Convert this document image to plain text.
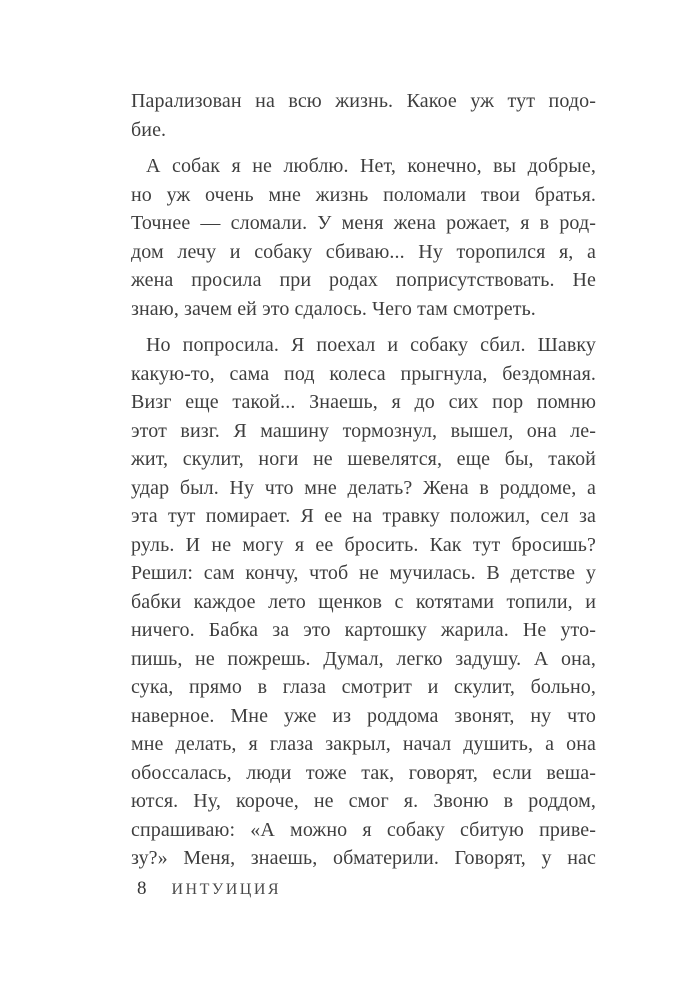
Парализован на всю жизнь. Какое уж тут подо-
бие.
А собак я не люблю. Нет, конечно, вы добрые,
но уж очень мне жизнь поломали твои братья.
Точнее — сломали. У меня жена рожает, я в род-
дом лечу и собаку сбиваю... Ну торопился я, а
жена просила при родах поприсутствовать. Не
знаю, зачем ей это сдалось. Чего там смотреть.
Но попросила. Я поехал и собаку сбил. Шавку
какую-то, сама под колеса прыгнула, бездомная.
Визг еще такой... Знаешь, я до сих пор помню
этот визг. Я машину тормознул, вышел, она ле-
жит, скулит, ноги не шевелятся, еще бы, такой
удар был. Ну что мне делать? Жена в роддоме, а
эта тут помирает. Я ее на травку положил, сел за
руль. И не могу я ее бросить. Как тут бросишь?
Решил: сам кончу, чтоб не мучилась. В детстве у
бабки каждое лето щенков с котятами топили, и
ничего. Бабка за это картошку жарила. Не уто-
пишь, не пожрешь. Думал, легко задушу. А она,
сука, прямо в глаза смотрит и скулит, больно,
наверное. Мне уже из роддома звонят, ну что
мне делать, я глаза закрыл, начал душить, а она
обоссалась, люди тоже так, говорят, если веша-
ются. Ну, короче, не смог я. Звоню в роддом,
спрашиваю: «А можно я собаку сбитую приве-
зу?» Меня, знаешь, обматерили. Говорят, у нас
8 ИНТУИЦИЯ
